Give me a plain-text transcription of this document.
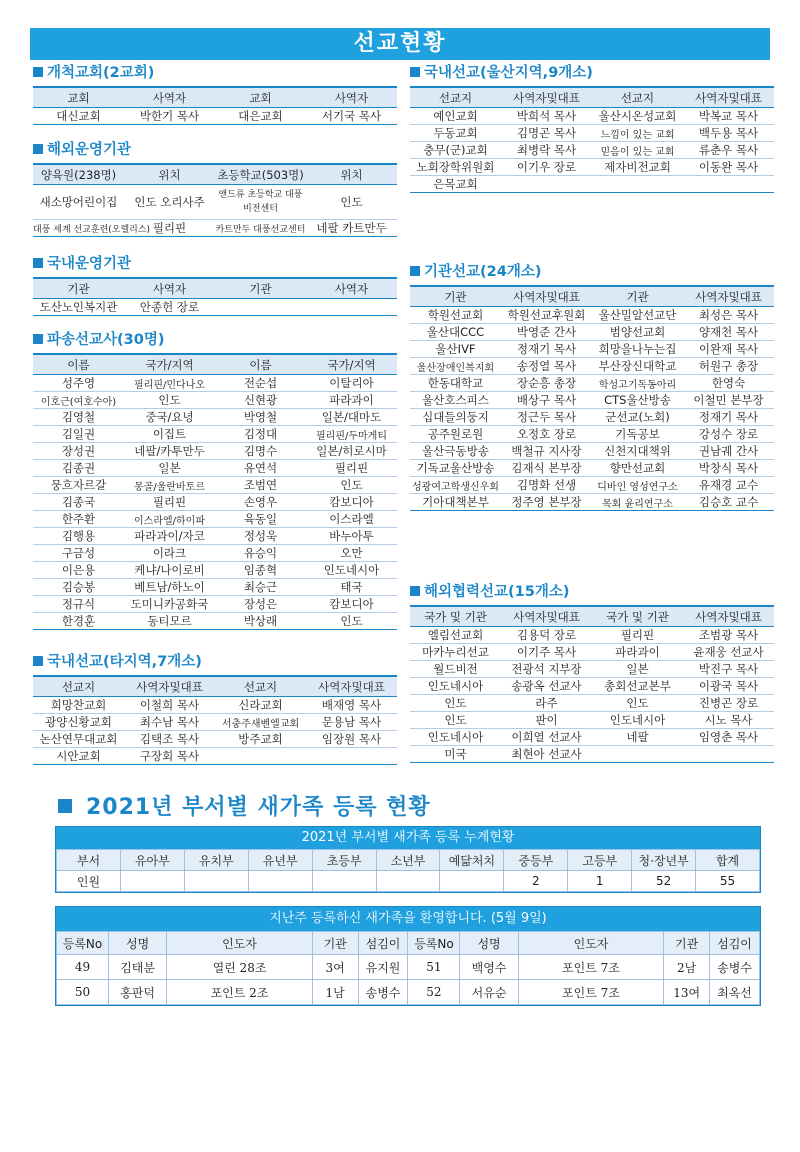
선교현황
개척교회(2교회)
교회	사역자	교회	사역자
대신교회	박한기 목사	대은교회	서기국 목사
해외운영기관
양육원(238명)	위치	초등학교(503명)	위치
새소망어린이집	인도 오리사주	앤드류 초등학교 대풍비전센터	인도
대풍 세계 선교훈련(오렐리스)	필리핀	카트만두 대풍선교센터	네팔 카트만두
국내운영기관
기관	사역자	기관	사역자
도산노인복지관	안종헌 장로		
파송선교사(30명)
이름	국가/지역	이름	국가/지역
성주영	필리핀/민다나오	전순섭	이탈리아
이호근(여호수아)	인도	신현광	파라과이
김영철	중국/요녕	박영철	일본/대마도
김일권	이집트	김정대	필리핀/두마게티
장성권	네팔/카투만두	김명수	일본/히로시마
김종권	일본	유연석	필리핀
뭉흐자르갈	몽골/울란바토르	조범연	인도
김종국	필리핀	손영우	캄보디아
한주환	이스라엘/하이파	육동일	이스라엘
김행용	파라과이/자코	정성욱	바누아투
구금성	이라크	유승익	오만
이은용	케냐/나이로비	임종혁	인도네시아
김승봉	베트남/하노이	최승근	태국
정규식	도미니카공화국	장성은	캄보디아
한경훈	동티모르	박상래	인도
국내선교(타지역,7개소)
선교지	사역자및대표	선교지	사역자및대표
희망찬교회	이철희 목사	신라교회	배재영 목사
광양신황교회	최수남 목사	서충주새벤엘교회	문용남 목사
논산연무대교회	김택조 목사	방주교회	임장원 목사
시안교회	구장회 목사		
국내선교(울산지역,9개소)
선교지	사역자및대표	선교지	사역자및대표
예인교회	박희석 목사	울산시온성교회	박복교 목사
두동교회	김명곤 목사	느낌이 있는 교회	백두용 목사
충무(군)교회	최병락 목사	믿음이 있는 교회	류춘우 목사
노회장학위원회	이기우 장로	제자비전교회	이동완 목사
은목교회			
기관선교(24개소)
기관	사역자및대표	기관	사역자및대표
학원선교회	학원선교후원회	울산밀알선교단	최성은 목사
울산대CCC	박영준 간사	범양선교회	양재천 목사
울산IVF	정재기 목사	희망을나누는집	이완재 목사
울산장애인복지회	송정열 목사	부산장신대학교	허원구 총장
한동대학교	장순흥 총장	학성고기독동아리	한영숙
울산호스피스	배상구 목사	CTS울산방송	이철민 본부장
십대들의둥지	정근두 목사	군선교(노회)	정재기 목사
공주원로원	오정호 장로	기독공보	강성수 장로
울산극동방송	백철규 지사장	신천지대책위	권남궤 간사
기독교울산방송	김재식 본부장	향만선교회	박창식 목사
성광여고학생신우회	김명화 선생	디바인 영성연구소	유재경 교수
기아대책본부	정주영 본부장	목회 윤리연구소	김승호 교수
해외협력선교(15개소)
국가 및 기관	사역자및대표	국가 및 기관	사역자및대표
엘림선교회	김용덕 장로	필리핀	조범광 목사
마카누리선교	이기주 목사	파라과이	윤재웅 선교사
월드비전	전광석 지부장	일본	박진구 목사
인도네시아	송광옥 선교사	총회선교본부	이광국 목사
인도	라주	인도	진병곤 장로
인도	판이	인도네시아	시노 목사
인도네시아	이희열 선교사	네팔	임영춘 목사
미국	최현아 선교사		
2021년 부서별 새가족 등록 현황
2021년 부서별 새가족 등록 누계현황
부서	유아부	유치부	유년부	초등부	소년부	예닮처치	중등부	고등부	청·장년부	합계
인원							2	1	52	55
지난주 등록하신 새가족을 환영합니다. (5월 9일)
등록No	성명	인도자	기관	섬김이	등록No	성명	인도자	기관	섬김이
49	김태분	열린 28조	3여	유지원	51	백영수	포인트 7조	2남	송병수
50	홍판덕	포인트 2조	1남	송병수	52	서유순	포인트 7조	13여	최옥선
